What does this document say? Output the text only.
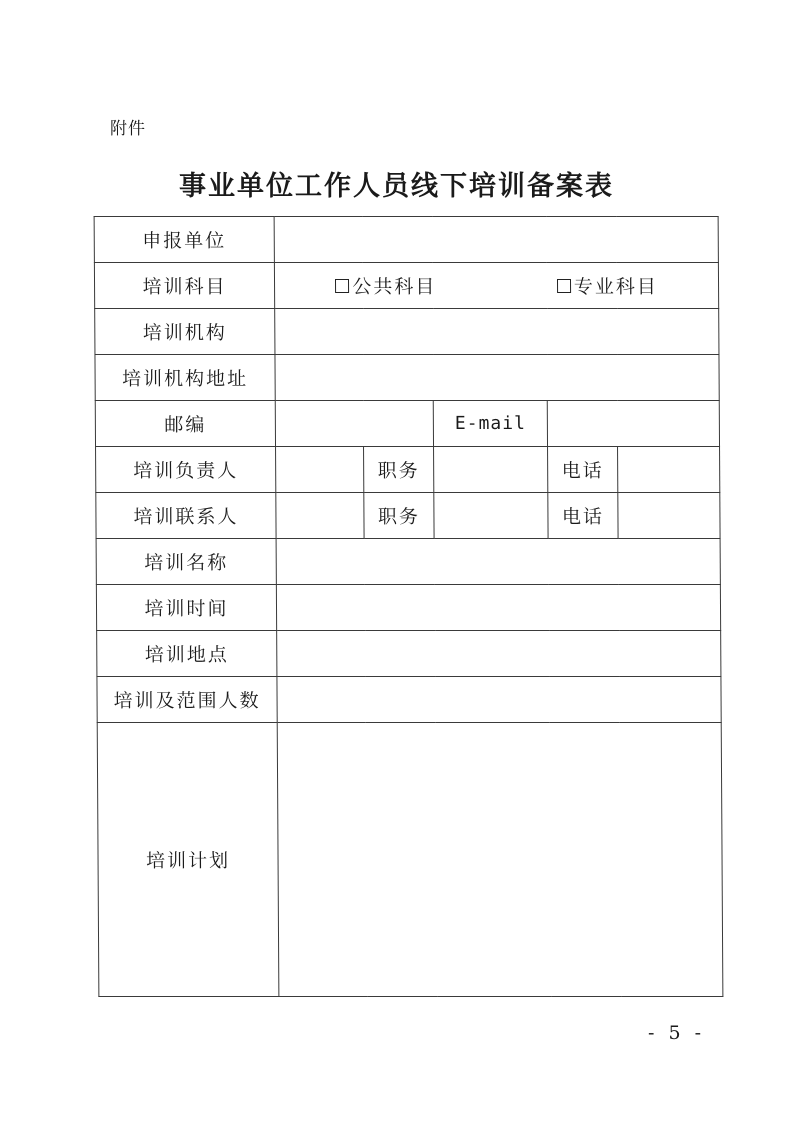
附件
事业单位工作人员线下培训备案表
申报单位					
培训科目	公共科目 专业科目				

培训机构					
培训机构地址					
邮编			E-mail		
培训负责人		职务		电话	
培训联系人		职务		电话	
培训名称					
培训时间					
培训地点					
培训及范围人数					
培训计划					
- 5 -
